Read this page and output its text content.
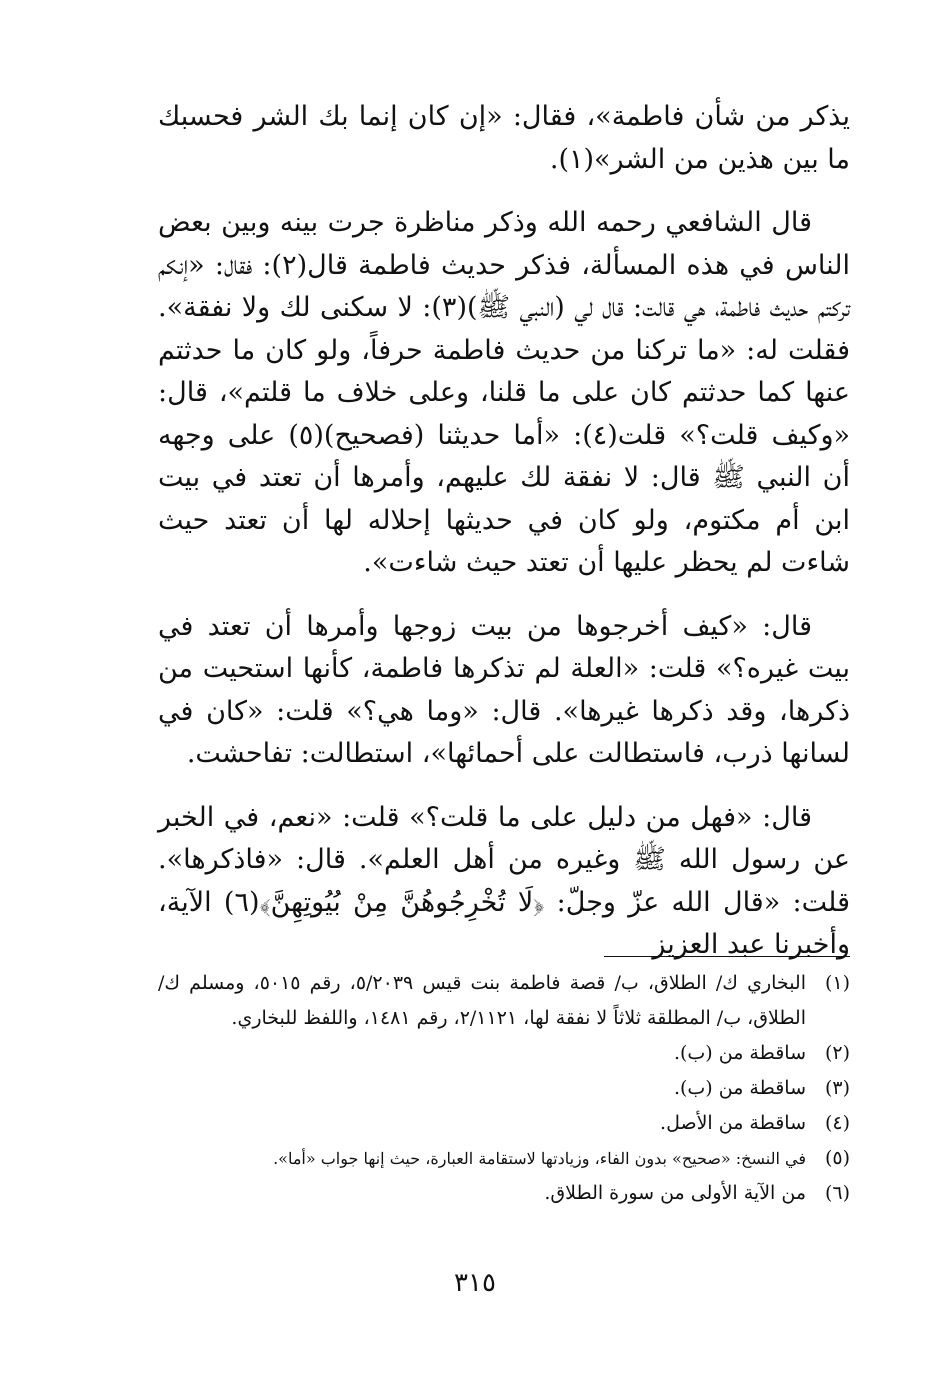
يذكر من شأن فاطمة»، فقال: «إن كان إنما بك الشر فحسبك ما بين هذين من الشر»(١).

قال الشافعي رحمه الله وذكر مناظرة جرت بينه وبين بعض الناس في هذه المسألة، فذكر حديث فاطمة قال(٢): فقال: «إنكم تركتم حديث فاطمة، هي قالت: قال لي (النبي ﷺ)(٣): لا سكنى لك ولا نفقة». فقلت له: «ما تركنا من حديث فاطمة حرفاً، ولو كان ما حدثتم عنها كما حدثتم كان على ما قلنا، وعلى خلاف ما قلتم»، قال: «وكيف قلت؟» قلت(٤): «أما حديثنا (فصحيح)(٥) على وجهه أن النبي ﷺ قال: لا نفقة لك عليهم، وأمرها أن تعتد في بيت ابن أم مكتوم، ولو كان في حديثها إحلاله لها أن تعتد حيث شاءت لم يحظر عليها أن تعتد حيث شاءت».

قال: «كيف أخرجوها من بيت زوجها وأمرها أن تعتد في بيت غيره؟» قلت: «العلة لم تذكرها فاطمة، كأنها استحيت من ذكرها، وقد ذكرها غيرها». قال: «وما هي؟» قلت: «كان في لسانها ذرب، فاستطالت على أحمائها»، استطالت: تفاحشت.

قال: «فهل من دليل على ما قلت؟» قلت: «نعم، في الخبر عن رسول الله ﷺ وغيره من أهل العلم». قال: «فاذكرها». قلت: «قال الله عزّ وجلّ: ﴿لَا تُخْرِجُوهُنَّ مِنْ بُيُوتِهِنَّ﴾(٦) الآية، وأخبرنا عبد العزيز

(١)
البخاري ك/ الطلاق، ب/ قصة فاطمة بنت قيس ٥/٢٠٣٩، رقم ٥٠١٥، ومسلم ك/ الطلاق، ب/ المطلقة ثلاثاً لا نفقة لها، ٢/١١٢١، رقم ١٤٨١، واللفظ للبخاري.
(٢)
ساقطة من (ب).
(٣)
ساقطة من (ب).
(٤)
ساقطة من الأصل.
(٥)
في النسخ: «صحيح» بدون الفاء، وزيادتها لاستقامة العبارة، حيث إنها جواب «أما».
(٦)
من الآية الأولى من سورة الطلاق.
٣١٥
